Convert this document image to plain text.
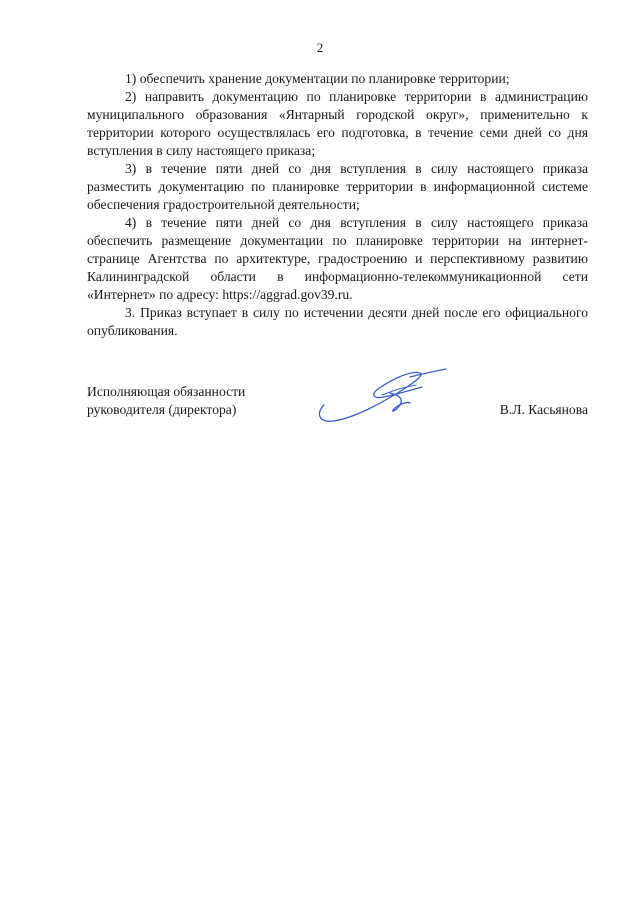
2

1) обеспечить хранение документации по планировке территории;

2) направить документацию по планировке территории в администрацию муниципального образования «Янтарный городской округ», применительно к территории которого осуществлялась его подготовка, в течение семи дней со дня вступления в силу настоящего приказа;

3) в течение пяти дней со дня вступления в силу настоящего приказа разместить документацию по планировке территории в информационной системе обеспечения градостроительной деятельности;

4) в течение пяти дней со дня вступления в силу настоящего приказа обеспечить размещение документации по планировке территории на интернет-странице Агентства по архитектуре, градостроению и перспективному развитию Калининградской области в информационно-телекоммуникационной сети «Интернет» по адресу: https://aggrad.gov39.ru.

3. Приказ вступает в силу по истечении десяти дней после его официального опубликования.

Исполняющая обязанности
руководителя (директора)	В.Л. Касьянова
